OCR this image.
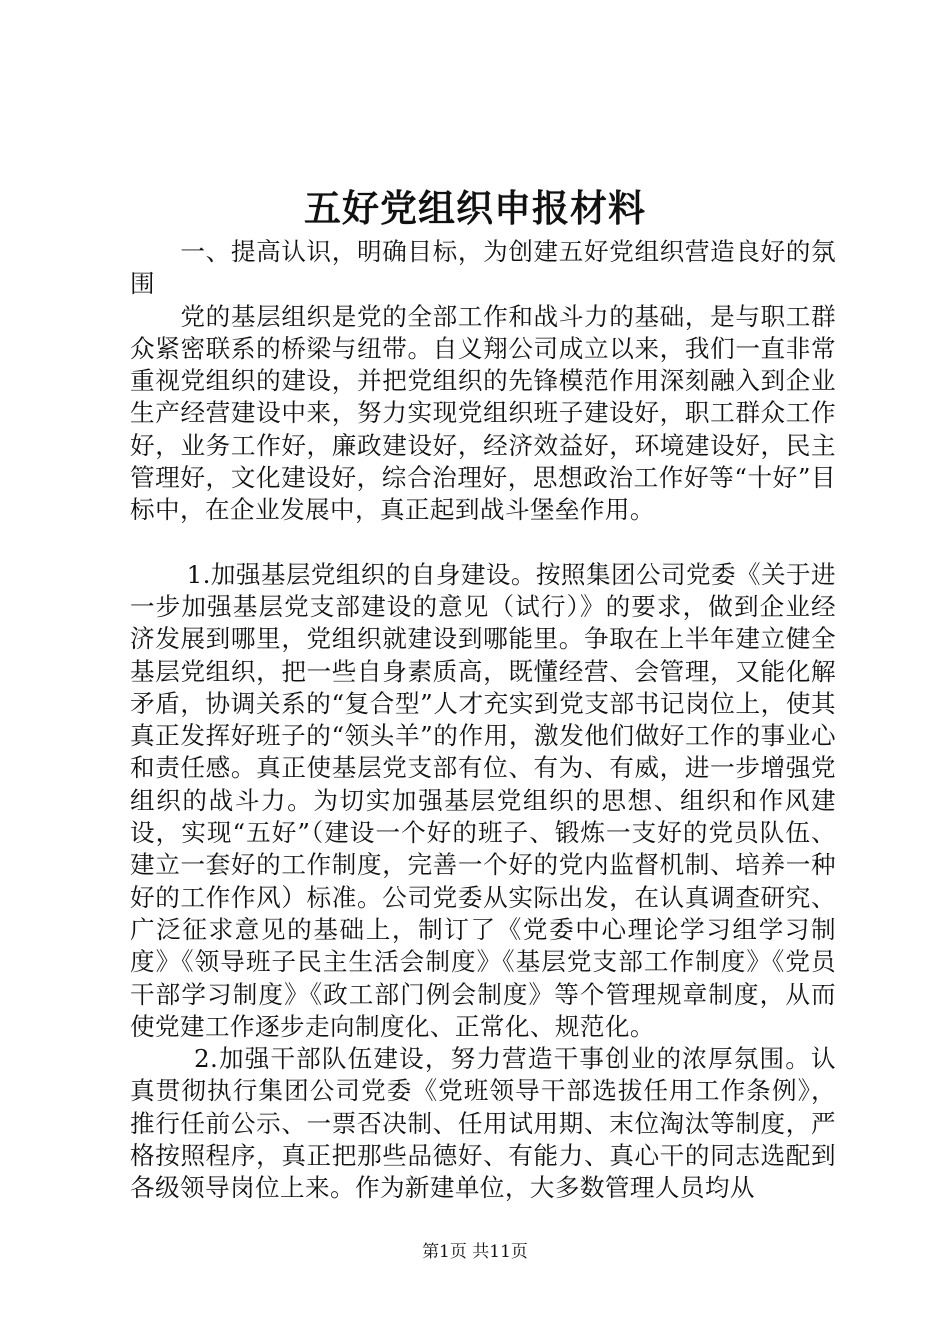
五好党组织申报材料

一、提高认识，明确目标，为创建五好党组织营造良好的氛围

党的基层组织是党的全部工作和战斗力的基础，是与职工群众紧密联系的桥梁与纽带。自义翔公司成立以来，我们一直非常重视党组织的建设，并把党组织的先锋模范作用深刻融入到企业生产经营建设中来，努力实现党组织班子建设好，职工群众工作好，业务工作好，廉政建设好，经济效益好，环境建设好，民主管理好，文化建设好，综合治理好，思想政治工作好等“十好”目标中，在企业发展中，真正起到战斗堡垒作用。

1.加强基层党组织的自身建设。按照集团公司党委《关于进一步加强基层党支部建设的意见（试行）》的要求，做到企业经济发展到哪里，党组织就建设到哪能里。争取在上半年建立健全基层党组织，把一些自身素质高，既懂经营、会管理，又能化解矛盾，协调关系的“复合型”人才充实到党支部书记岗位上，使其真正发挥好班子的“领头羊”的作用，激发他们做好工作的事业心和责任感。真正使基层党支部有位、有为、有威，进一步增强党组织的战斗力。为切实加强基层党组织的思想、组织和作风建设，实现“五好”（建设一个好的班子、锻炼一支好的党员队伍、建立一套好的工作制度，完善一个好的党内监督机制、培养一种好的工作作风）标准。公司党委从实际出发，在认真调查研究、广泛征求意见的基础上，制订了《党委中心理论学习组学习制度》《领导班子民主生活会制度》《基层党支部工作制度》《党员干部学习制度》《政工部门例会制度》等个管理规章制度，从而使党建工作逐步走向制度化、正常化、规范化。

2.加强干部队伍建设，努力营造干事创业的浓厚氛围。认真贯彻执行集团公司党委《党班领导干部选拔任用工作条例》，推行任前公示、一票否决制、任用试用期、末位淘汰等制度，严格按照程序，真正把那些品德好、有能力、真心干的同志选配到各级领导岗位上来。作为新建单位，大多数管理人员均从

第1页 共11页
